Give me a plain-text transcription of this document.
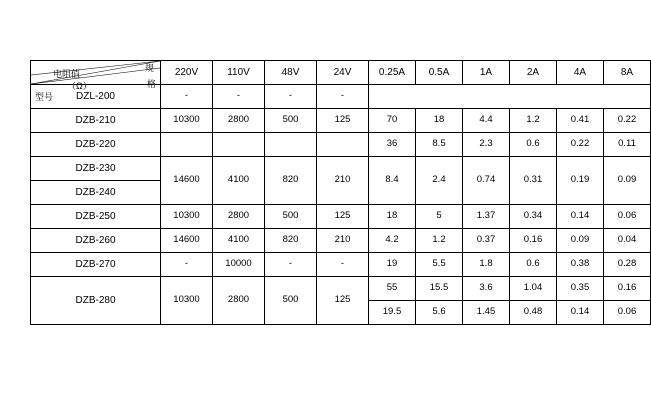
规
电阻值
（Ω） 格
型号	220V	110V	48V	24V	0.25A	0.5A	1A	2A	4A	8A
DZL-200	-	-	-	-						
DZB-210	10300	2800	500	125	70	18	4.4	1.2	0.41	0.22
DZB-220					36	8.5	2.3	0.6	0.22	0.11
DZB-230	14600	4100	820	210	8.4	2.4	0.74	0.31	0.19	0.09
DZB-240										
DZB-250	10300	2800	500	125	18	5	1.37	0.34	0.14	0.06
DZB-260	14600	4100	820	210	4.2	1.2	0.37	0.16	0.09	0.04
DZB-270	-	10000	-	-	19	5.5	1.8	0.6	0.38	0.28
DZB-280	10300	2800	500	125	55	15.5	3.6	1.04	0.35	0.16
					19.5	5.6	1.45	0.48	0.14	0.06
